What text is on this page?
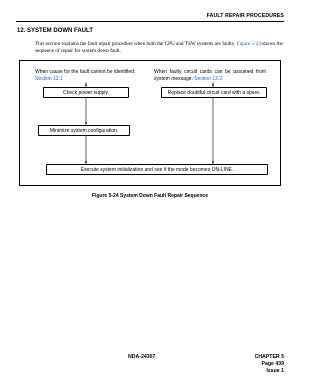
FAULT REPAIR PROCEDURES
12. SYSTEM DOWN FAULT
This section explains the fault repair procedure when both the CPU and TSW systems are faulty. Figure 5-24 shows the sequence of repair for system down fault.
When cause for the fault cannot be identified:
Section 12.1
When faulty circuit cards can be assumed from system message: Section 12.2
Check power supply.	Replace doubtful circuit card with a spare.
Minimize system configuration.
Execute system initialization and see if the mode becomes ON-LINE.
Figure 5-24 System Down Fault Repair Sequence
NDA-24307	CHAPTER 5
Page 439
Issue 1
